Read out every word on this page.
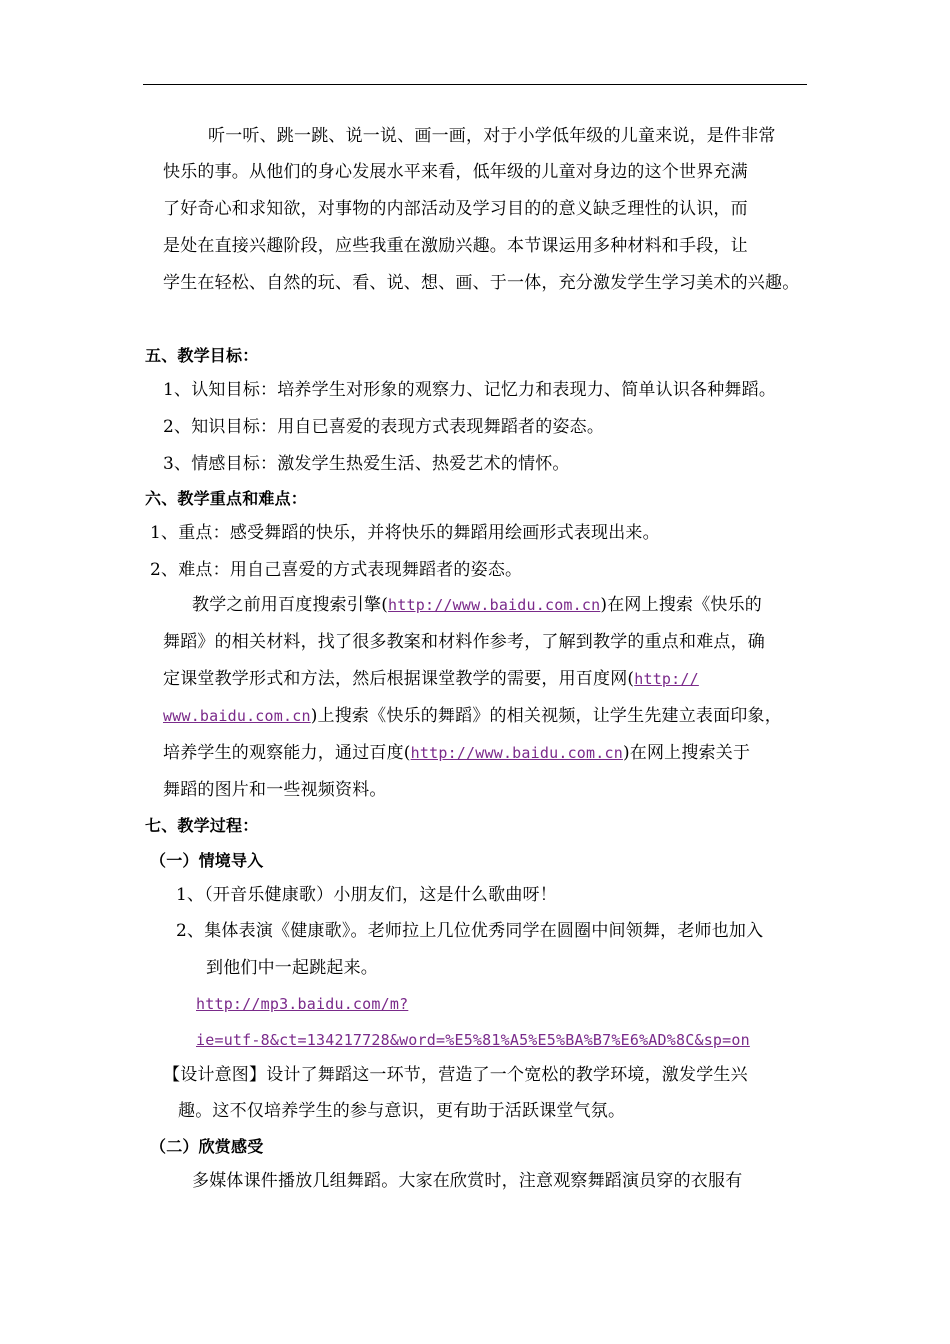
听一听、跳一跳、说一说、画一画，对于小学低年级的儿童来说，是件非常
快乐的事。从他们的身心发展水平来看，低年级的儿童对身边的这个世界充满
了好奇心和求知欲，对事物的内部活动及学习目的的意义缺乏理性的认识，而
是处在直接兴趣阶段，应些我重在激励兴趣。本节课运用多种材料和手段，让
学生在轻松、自然的玩、看、说、想、画、于一体，充分激发学生学习美术的兴趣。
五、教学目标：
1、认知目标：培养学生对形象的观察力、记忆力和表现力、简单认识各种舞蹈。
2、知识目标：用自已喜爱的表现方式表现舞蹈者的姿态。
3、情感目标：激发学生热爱生活、热爱艺术的情怀。
六、教学重点和难点：
1、重点：感受舞蹈的快乐，并将快乐的舞蹈用绘画形式表现出来。
2、难点：用自己喜爱的方式表现舞蹈者的姿态。
教学之前用百度搜索引擎(http://www.baidu.com.cn)在网上搜索《快乐的
舞蹈》的相关材料，找了很多教案和材料作参考，了解到教学的重点和难点，确
定课堂教学形式和方法，然后根据课堂教学的需要，用百度网(http://
www.baidu.com.cn)上搜索《快乐的舞蹈》的相关视频，让学生先建立表面印象，
培养学生的观察能力，通过百度(http://www.baidu.com.cn)在网上搜索关于
舞蹈的图片和一些视频资料。
七、教学过程：
（一）情境导入
1、（开音乐健康歌）小朋友们，这是什么歌曲呀！
2、集体表演《健康歌》。老师拉上几位优秀同学在圆圈中间领舞，老师也加入
到他们中一起跳起来。
http://mp3.baidu.com/m?
ie=utf-8&ct=134217728&word=%E5%81%A5%E5%BA%B7%E6%AD%8C&sp=on
【设计意图】设计了舞蹈这一环节，营造了一个宽松的教学环境，激发学生兴
趣。这不仅培养学生的参与意识，更有助于活跃课堂气氛。
（二）欣赏感受
多媒体课件播放几组舞蹈。大家在欣赏时，注意观察舞蹈演员穿的衣服有
